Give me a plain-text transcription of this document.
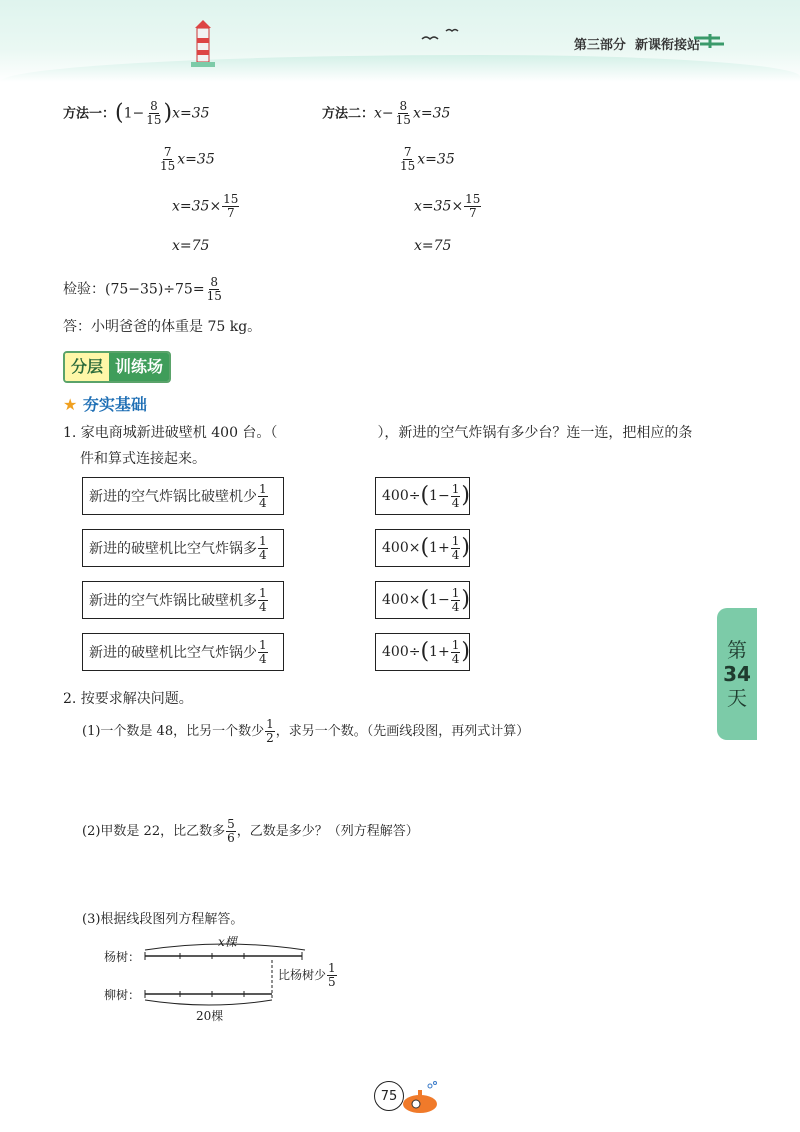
第三部分 新课衔接站
方法一：$(1- \frac{8}{15} )x=35$
$\frac{7}{15} x=35$
$x=35\times \frac{15}{7}$
x=75
方法二：$x- \frac{8}{15} x=35$
$\frac{7}{15} x=35$
$x=35\times \frac{15}{7}$
x=75
检验：$(75-35)\div 75= \frac{8}{15}$
答：小明爸爸的体重是 75 kg。
分层 训练场
★ 夯实基础
1. 家电商城新进破壁机 400 台。（	），新进的空气炸锅有多少台？连一连，把相应的条
件和算式连接起来。
新进的空气炸锅比破壁机少 $\frac{1}{4}$
新进的破壁机比空气炸锅多 $\frac{1}{4}$
新进的空气炸锅比破壁机多 $\frac{1}{4}$
新进的破壁机比空气炸锅少 $\frac{1}{4}$
400÷ ( $1- \frac{1}{4}$ )
400× ( $1+ \frac{1}{4}$ )
400× ( $1- \frac{1}{4}$ )
400÷ ( $1+ \frac{1}{4}$ )
2. 按要求解决问题。
(1)一个数是 48，比另一个数少 $\frac{1}{2}$ ，求另一个数。（先画线段图，再列式计算）
(2)甲数是 22，比乙数多 $\frac{5}{6}$ ，乙数是多少？（列方程解答）
(3)根据线段图列方程解答。
杨树：
柳树：
x棵
20棵
比杨树少 $\frac{1}{5}$
第
34
天
75
